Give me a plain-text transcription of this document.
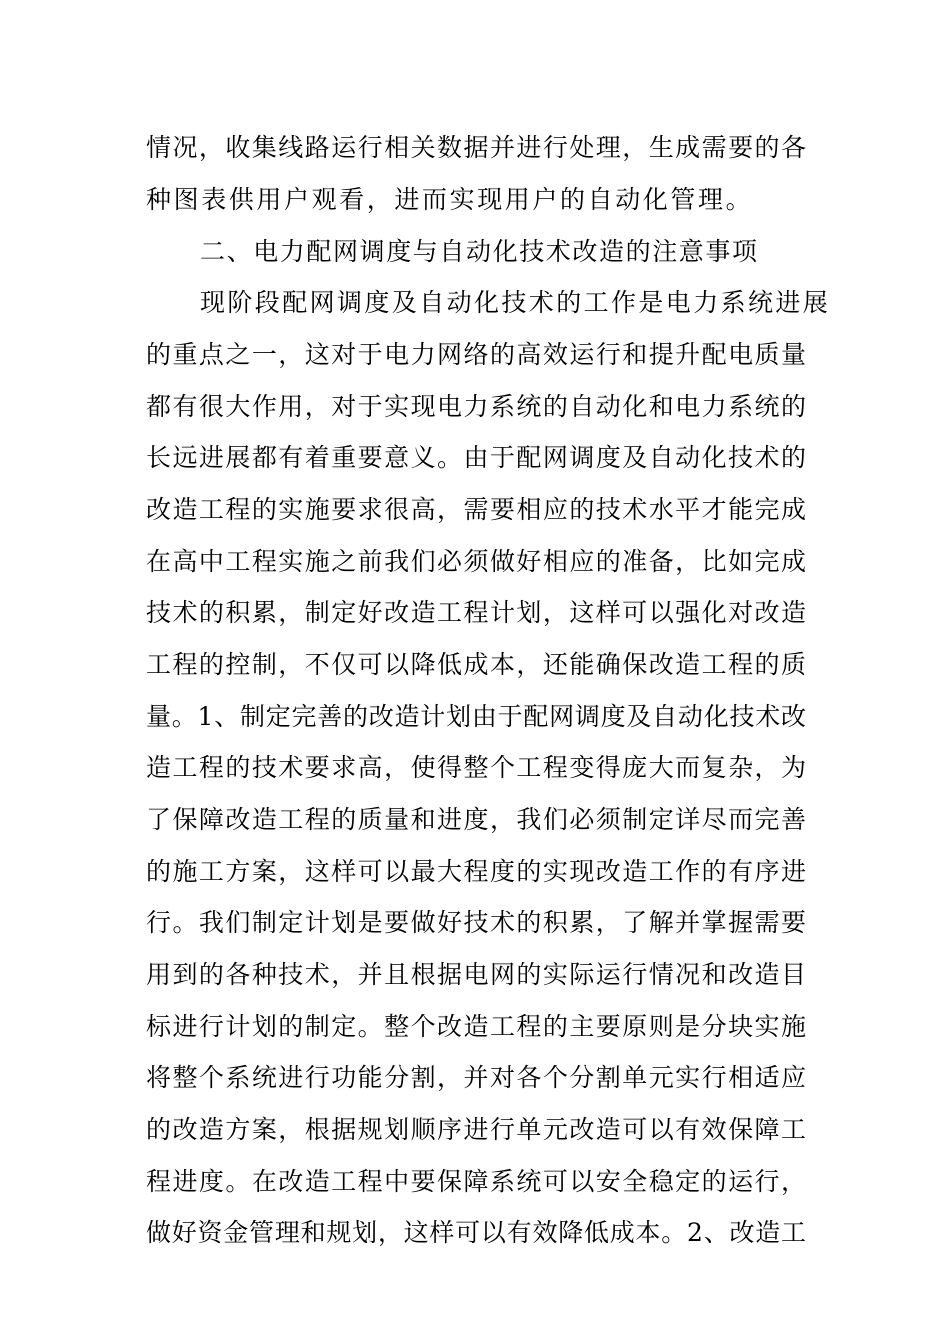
情况，收集线路运行相关数据并进行处理，生成需要的各
种图表供用户观看，进而实现用户的自动化管理。
二、电力配网调度与自动化技术改造的注意事项
现阶段配网调度及自动化技术的工作是电力系统进展
的重点之一，这对于电力网络的高效运行和提升配电质量
都有很大作用，对于实现电力系统的自动化和电力系统的
长远进展都有着重要意义。由于配网调度及自动化技术的
改造工程的实施要求很高，需要相应的技术水平才能完成
在高中工程实施之前我们必须做好相应的准备，比如完成
技术的积累，制定好改造工程计划，这样可以强化对改造
工程的控制，不仅可以降低成本，还能确保改造工程的质
量。1、制定完善的改造计划由于配网调度及自动化技术改
造工程的技术要求高，使得整个工程变得庞大而复杂，为
了保障改造工程的质量和进度，我们必须制定详尽而完善
的施工方案，这样可以最大程度的实现改造工作的有序进
行。我们制定计划是要做好技术的积累，了解并掌握需要
用到的各种技术，并且根据电网的实际运行情况和改造目
标进行计划的制定。整个改造工程的主要原则是分块实施
将整个系统进行功能分割，并对各个分割单元实行相适应
的改造方案，根据规划顺序进行单元改造可以有效保障工
程进度。在改造工程中要保障系统可以安全稳定的运行，
做好资金管理和规划，这样可以有效降低成本。2、改造工
